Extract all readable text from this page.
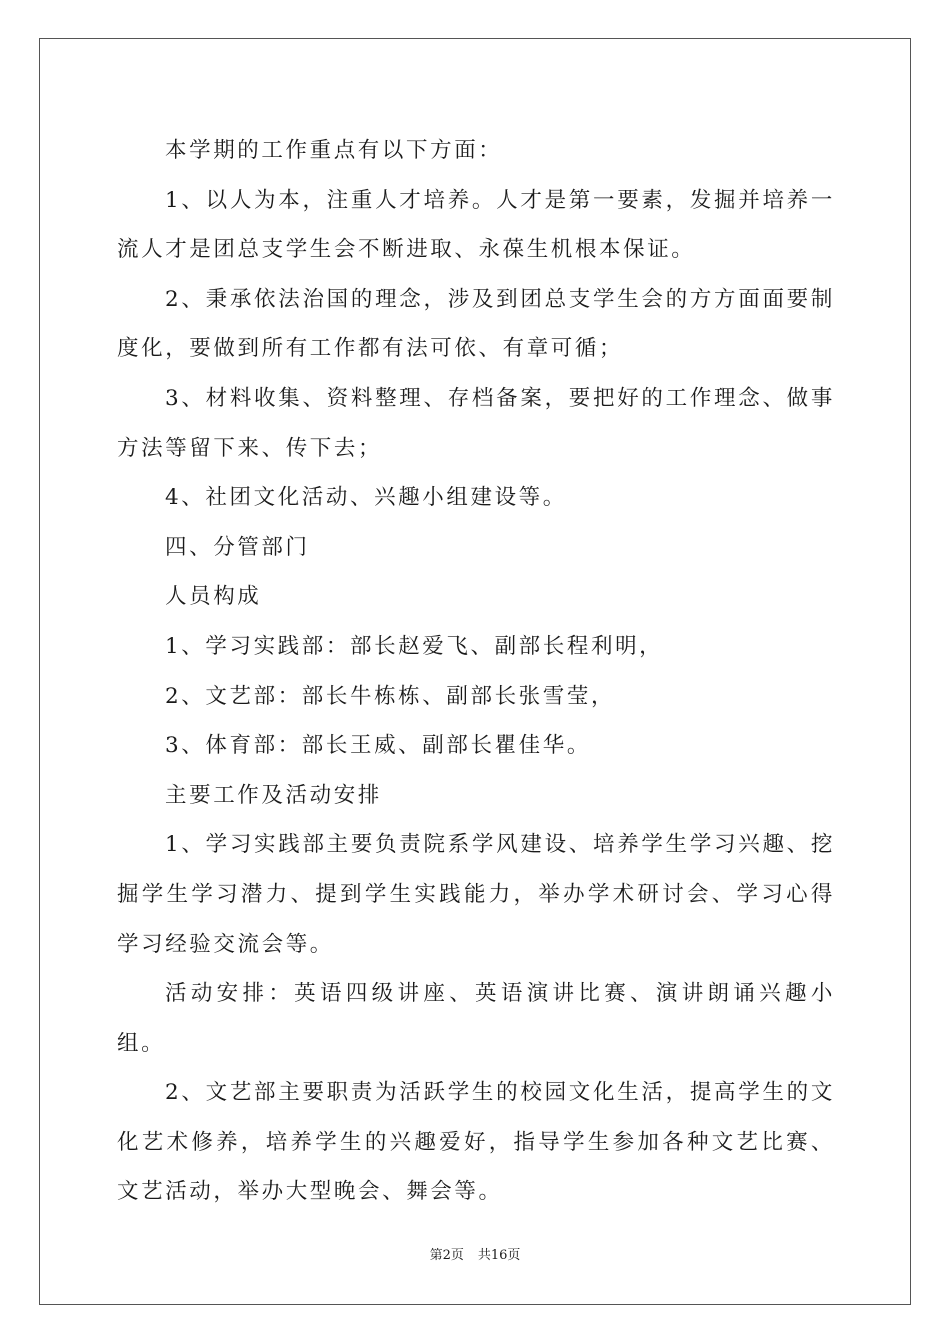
本学期的工作重点有以下方面：

1、以人为本，注重人才培养。人才是第一要素，发掘并培养一流人才是团总支学生会不断进取、永葆生机根本保证。

2、秉承依法治国的理念，涉及到团总支学生会的方方面面要制度化，要做到所有工作都有法可依、有章可循；

3、材料收集、资料整理、存档备案，要把好的工作理念、做事方法等留下来、传下去；

4、社团文化活动、兴趣小组建设等。

四、分管部门

人员构成

1、学习实践部：部长赵爱飞、副部长程利明，

2、文艺部：部长牛栋栋、副部长张雪莹，

3、体育部：部长王威、副部长瞿佳华。

主要工作及活动安排

1、学习实践部主要负责院系学风建设、培养学生学习兴趣、挖掘学生学习潜力、提到学生实践能力，举办学术研讨会、学习心得学习经验交流会等。

活动安排：英语四级讲座、英语演讲比赛、演讲朗诵兴趣小组。

2、文艺部主要职责为活跃学生的校园文化生活，提高学生的文化艺术修养，培养学生的兴趣爱好，指导学生参加各种文艺比赛、文艺活动，举办大型晚会、舞会等。

第2页 共16页
